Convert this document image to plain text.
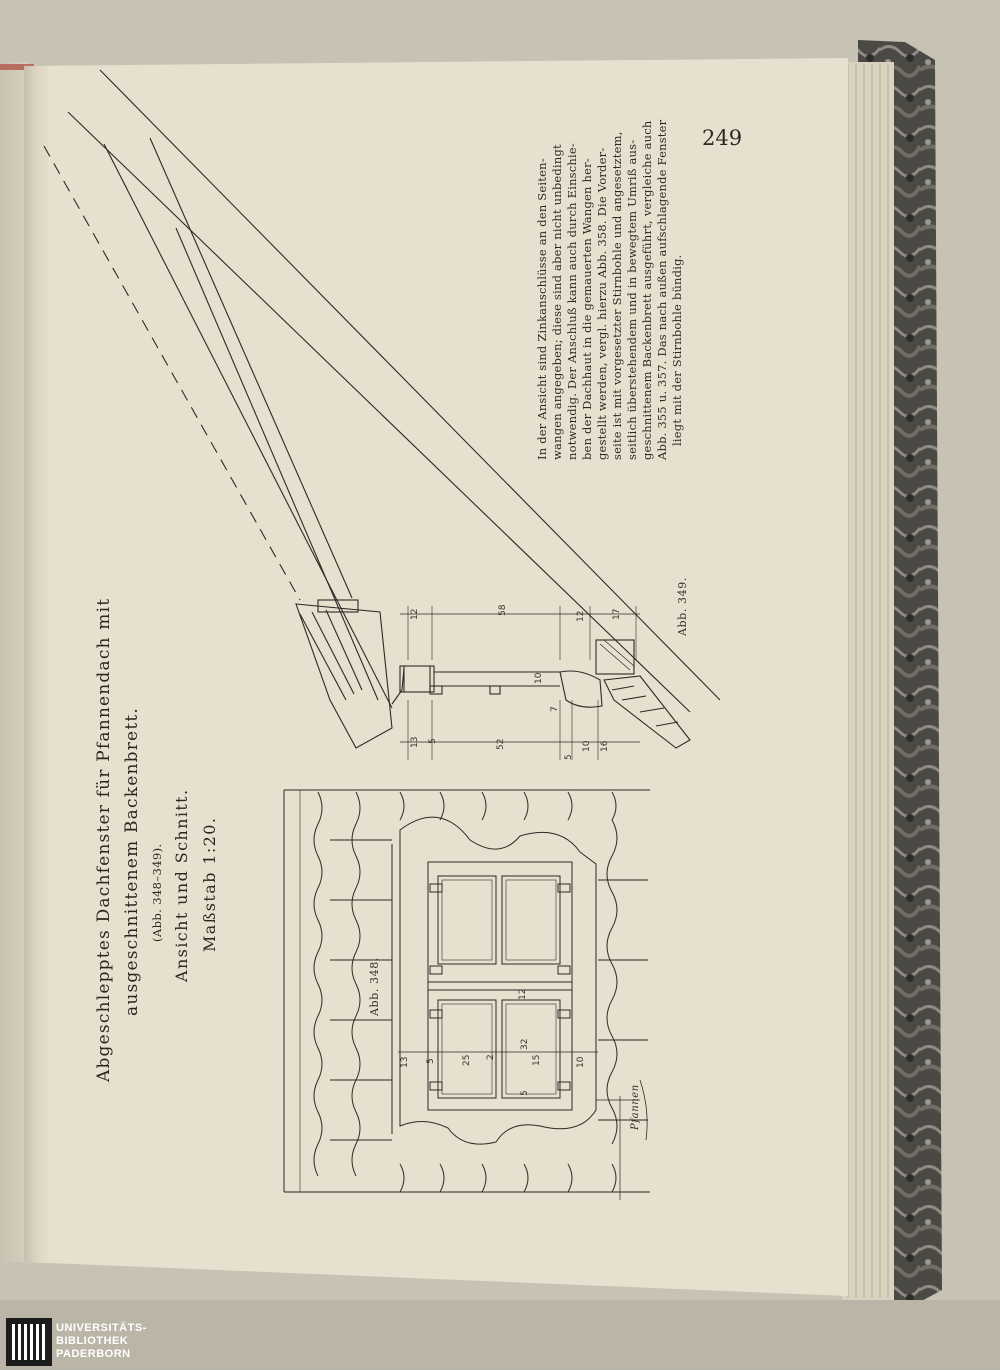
249
Abgeschlepptes Dachfenster für Pfannendach mit ausgeschnittenem Backenbrett. (Abb. 348–349). Ansicht und Schnitt. Maßstab 1:20.
In der Ansicht sind Zinkanschlüsse an den Seiten- wangen angegeben; diese sind aber nicht unbedingt notwendig. Der Anschluß kann auch durch Einschie- ben der Dachhaut in die gemauerten Wangen her- gestellt werden, vergl. hierzu Abb. 358. Die Vorder- seite ist mit vorgesetzter Stirnbohle und angesetztem, seitlich überstehendem und in bewegtem Umriß aus- geschnittenem Backenbrett ausgeführt, vergleiche auch Abb. 355 u. 357. Das nach außen aufschlagende Fenster liegt mit der Stirnbohle bündig.
Abb. 349.
Abb. 348.
Pfannen
12	58
12	17
13 5	52
5
10
10
7
16
13 5	25 2
32
15
5
10
12
UNIVERSITÄTS-
BIBLIOTHEK
PADERBORN
